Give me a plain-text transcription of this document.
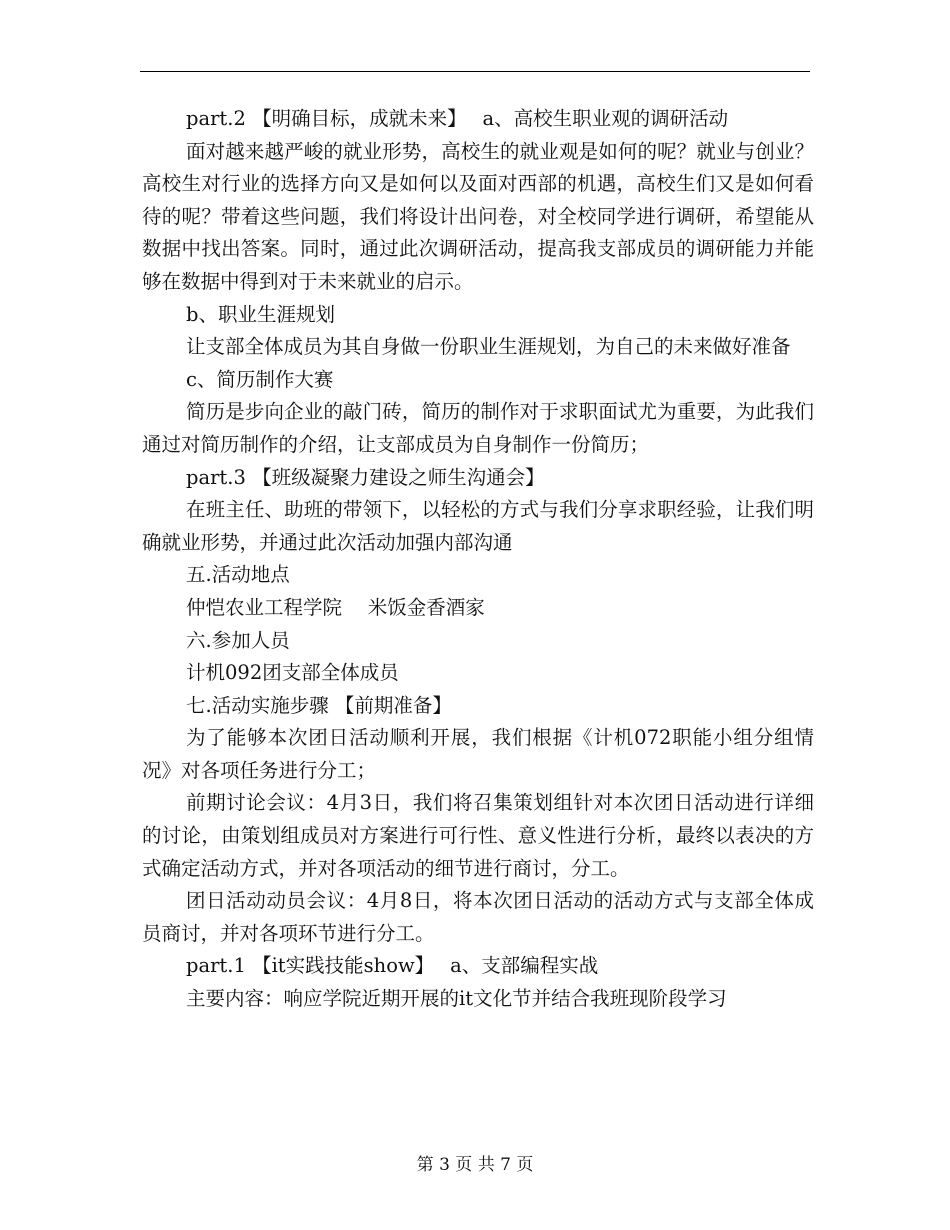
part.2 【明确目标，成就未来】　 a、高校生职业观的调研活动

面对越来越严峻的就业形势，高校生的就业观是如何的呢？就业与创业？高校生对行业的选择方向又是如何以及面对西部的机遇，高校生们又是如何看待的呢？带着这些问题，我们将设计出问卷，对全校同学进行调研，希望能从数据中找出答案。同时，通过此次调研活动，提高我支部成员的调研能力并能够在数据中得到对于未来就业的启示。

b、职业生涯规划

让支部全体成员为其自身做一份职业生涯规划，为自己的未来做好准备

c、简历制作大赛

简历是步向企业的敲门砖，简历的制作对于求职面试尤为重要，为此我们通过对简历制作的介绍，让支部成员为自身制作一份简历；

part.3 【班级凝聚力建设之师生沟通会】

在班主任、助班的带领下，以轻松的方式与我们分享求职经验，让我们明确就业形势，并通过此次活动加强内部沟通

五.活动地点

仲恺农业工程学院　 米饭金香酒家

六.参加人员

计机092团支部全体成员

七.活动实施步骤 【前期准备】

为了能够本次团日活动顺利开展，我们根据《计机072职能小组分组情况》对各项任务进行分工；

前期讨论会议：4月3日，我们将召集策划组针对本次团日活动进行详细的讨论，由策划组成员对方案进行可行性、意义性进行分析，最终以表决的方式确定活动方式，并对各项活动的细节进行商讨，分工。

团日活动动员会议：4月8日，将本次团日活动的活动方式与支部全体成员商讨，并对各项环节进行分工。

part.1 【it实践技能show】　 a、支部编程实战

主要内容：响应学院近期开展的it文化节并结合我班现阶段学习

第 3 页 共 7 页
